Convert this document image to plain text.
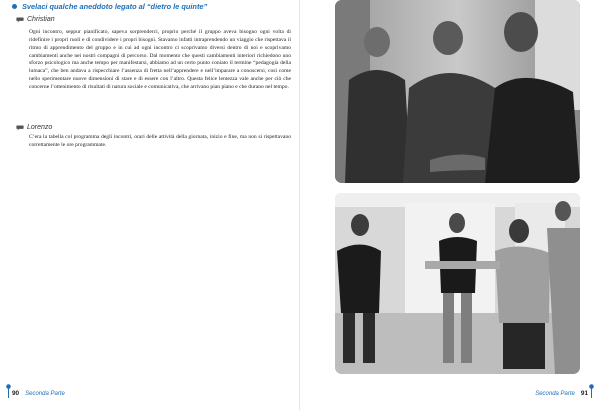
Svelaci qualche aneddoto legato al “dietro le quinte”
Christian

Ogni incontro, seppur pianificato, sapeva sorprenderci, proprio perché il gruppo aveva bisogno ogni volta di ridefinire i propri ruoli e di condividere i propri bisogni. Stavamo infatti intraprendendo un viaggio che rispettava il ritmo di apprendimento del gruppo e in cui ad ogni incontro ci scoprivamo diversi dentro di noi e scoprivamo cambiamenti anche nei nostri compagni di percorso. Dal momento che questi cambiamenti interiori richiedono uno sforzo psicologico ma anche tempo per manifestarsi, abbiamo ad un certo punto coniato il termine “pedagogia della lumaca”, che ben andava a rispecchiare l’assenza di fretta nell’apprendere e nell’imparare a conoscersi, così come nello sperimentare nuove dimensioni di stare e di essere con l’altro. Questa felice lentezza vale anche per ciò che concerne l’ottenimento di risultati di natura sociale e comunicativa, che arrivano pian piano e che durano nel tempo.

Lorenzo

C’era la tabella col programma degli incontri, orari delle attività della giornata, inizio e fine, ma non si rispettavano correttamente le ore programmate.

90 Seconda Parte	Seconda Parte 91
